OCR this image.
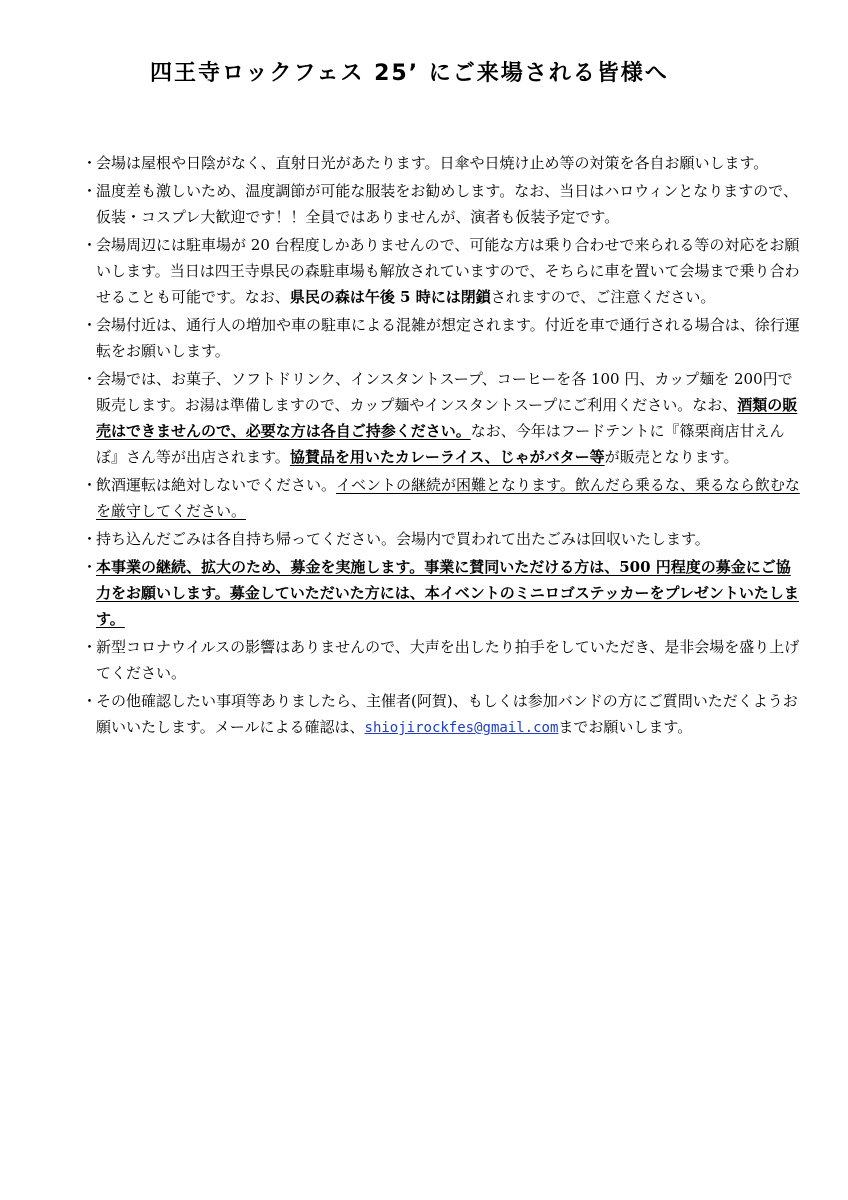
四王寺ロックフェス 25’ にご来場される皆様へ
・
会場は屋根や日陰がなく、直射日光があたります。日傘や日焼け止め等の対策を各自お願いします。
・
温度差も激しいため、温度調節が可能な服装をお勧めします。なお、当日はハロウィンとなりますので、仮装・コスプレ大歓迎です！！全員ではありませんが、演者も仮装予定です。
・
会場周辺には駐車場が 20 台程度しかありませんので、可能な方は乗り合わせで来られる等の対応をお願いします。当日は四王寺県民の森駐車場も解放されていますので、そちらに車を置いて会場まで乗り合わせることも可能です。なお、県民の森は午後 5 時には閉鎖されますので、ご注意ください。
・
会場付近は、通行人の増加や車の駐車による混雑が想定されます。付近を車で通行される場合は、徐行運転をお願いします。
・
会場では、お菓子、ソフトドリンク、インスタントスープ、コーヒーを各 100 円、カップ麺を 200円で販売します。お湯は準備しますので、カップ麺やインスタントスープにご利用ください。なお、酒類の販売はできませんので、必要な方は各自ご持参ください。なお、今年はフードテントに『篠栗商店甘えんぼ』さん等が出店されます。協賛品を用いたカレーライス、じゃがバター等が販売となります。
・
飲酒運転は絶対しないでください。イベントの継続が困難となります。飲んだら乗るな、乗るなら飲むなを厳守してください。
・
持ち込んだごみは各自持ち帰ってください。会場内で買われて出たごみは回収いたします。
・
本事業の継続、拡大のため、募金を実施します。事業に賛同いただける方は、500 円程度の募金にご協力をお願いします。募金していただいた方には、本イベントのミニロゴステッカーをプレゼントいたします。
・
新型コロナウイルスの影響はありませんので、大声を出したり拍手をしていただき、是非会場を盛り上げてください。
・
その他確認したい事項等ありましたら、主催者(阿賀)、もしくは参加バンドの方にご質問いただくようお願いいたします。メールによる確認は、shiojirockfes@gmail.comまでお願いします。
